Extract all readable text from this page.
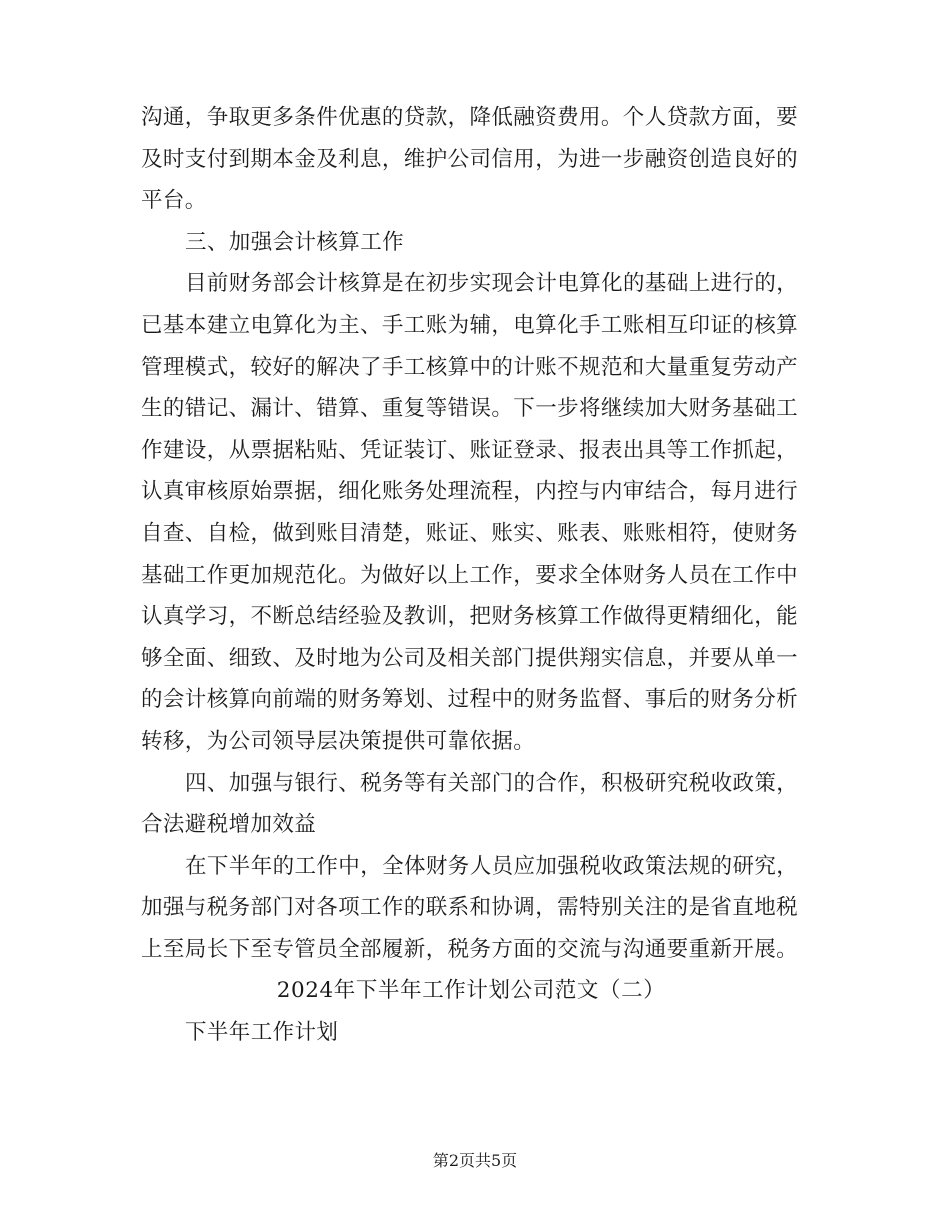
沟通，争取更多条件优惠的贷款，降低融资费用。个人贷款方面，要

及时支付到期本金及利息，维护公司信用，为进一步融资创造良好的

平台。

三、加强会计核算工作

目前财务部会计核算是在初步实现会计电算化的基础上进行的，

已基本建立电算化为主、手工账为辅，电算化手工账相互印证的核算

管理模式，较好的解决了手工核算中的计账不规范和大量重复劳动产

生的错记、漏计、错算、重复等错误。下一步将继续加大财务基础工

作建设，从票据粘贴、凭证装订、账证登录、报表出具等工作抓起，

认真审核原始票据，细化账务处理流程，内控与内审结合，每月进行

自查、自检，做到账目清楚，账证、账实、账表、账账相符，使财务

基础工作更加规范化。为做好以上工作，要求全体财务人员在工作中

认真学习，不断总结经验及教训，把财务核算工作做得更精细化，能

够全面、细致、及时地为公司及相关部门提供翔实信息，并要从单一

的会计核算向前端的财务筹划、过程中的财务监督、事后的财务分析

转移，为公司领导层决策提供可靠依据。

四、加强与银行、税务等有关部门的合作，积极研究税收政策，

合法避税增加效益

在下半年的工作中，全体财务人员应加强税收政策法规的研究，

加强与税务部门对各项工作的联系和协调，需特别关注的是省直地税

上至局长下至专管员全部履新，税务方面的交流与沟通要重新开展。

2024年下半年工作计划公司范文（二）

下半年工作计划

第2页共5页
